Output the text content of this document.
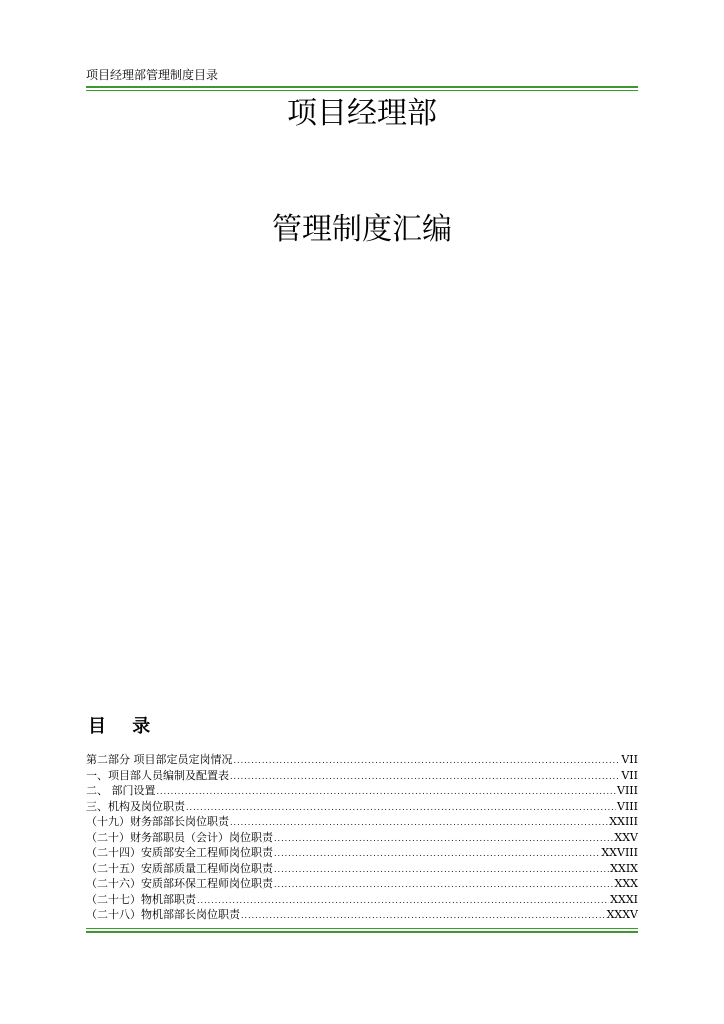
项目经理部管理制度目录
项目经理部
管理制度汇编
目 录
第二部分 项目部定员定岗情况 .....	VII
一、项目部人员编制及配置表 .....	VII
二、 部门设置 .....	VIII
三、机构及岗位职责 .....	VIII
（十九）财务部部长岗位职责 .....	XXIII
（二十）财务部职员（会计）岗位职责 .....	XXV
（二十四）安质部安全工程师岗位职责 .....	XXVIII
（二十五）安质部质量工程师岗位职责 .....	XXIX
（二十六）安质部环保工程师岗位职责 .....	XXX
（二十七）物机部职责 .....	XXXI
（二十八）物机部部长岗位职责 .....	XXXV
